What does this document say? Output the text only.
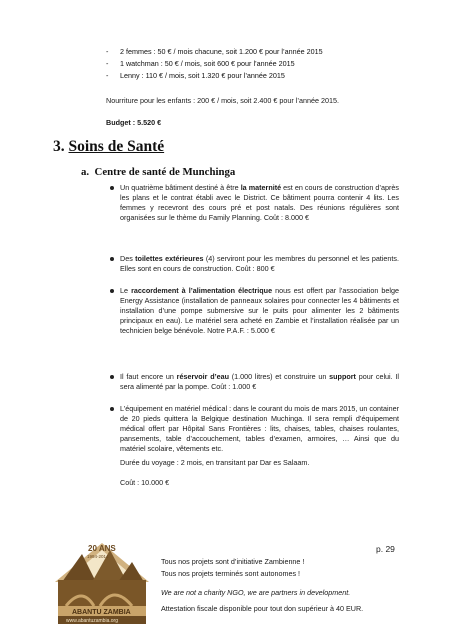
- 2 femmes : 50 € / mois chacune, soit 1.200 € pour l’année 2015
- 1 watchman : 50 € / mois, soit 600 € pour l’année 2015
- Lenny : 110 € / mois, soit 1.320 € pour l’année 2015
Nourriture pour les enfants : 200 € / mois, soit 2.400 € pour l’année 2015.
Budget : 5.520 €
3. Soins de Santé
a. Centre de santé de Munchinga
Un quatrième bâtiment destiné à être la maternité est en cours de construction d’après les plans et le contrat établi avec le District. Ce bâtiment pourra contenir 4 lits. Les femmes y recevront des cours pré et post natals. Des réunions régulières sont organisées sur le thème du Family Planning. Coût : 8.000 €
Des toilettes extérieures (4) serviront pour les membres du personnel et les patients. Elles sont en cours de construction. Coût : 800 €
Le raccordement à l’alimentation électrique nous est offert par l’association belge Energy Assistance (installation de panneaux solaires pour connecter les 4 bâtiments et installation d’une pompe submersive sur le puits pour alimenter les 2 bâtiments principaux en eau). Le matériel sera acheté en Zambie et l’installation réalisée par un technicien belge bénévole. Notre P.A.F. : 5.000 €
Il faut encore un réservoir d’eau (1.000 litres) et construire un support pour celui. Il sera alimenté par la pompe. Coût : 1.000 €
L’équipement en matériel médical : dans le courant du mois de mars 2015, un container de 20 pieds quittera la Belgique destination Muchinga. Il sera rempli d’équipement médical offert par Hôpital Sans Frontières : lits, chaises, tables, chaises roulantes, pansements, table d’accouchement, tables d’examen, armoires, … Ainsi que du matériel scolaire, vêtements etc.
Durée du voyage : 2 mois, en transitant par Dar es Salaam.
Coût : 10.000 €
p. 29
20 ANS
1994-2014
ABANTU ZAMBIA
www.abantuzambia.org
Tous nos projets sont d’initiative Zambienne !
Tous nos projets terminés sont autonomes !
We are not a charity NGO, we are partners in development.
Attestation fiscale disponible pour tout don supérieur à 40 EUR.
